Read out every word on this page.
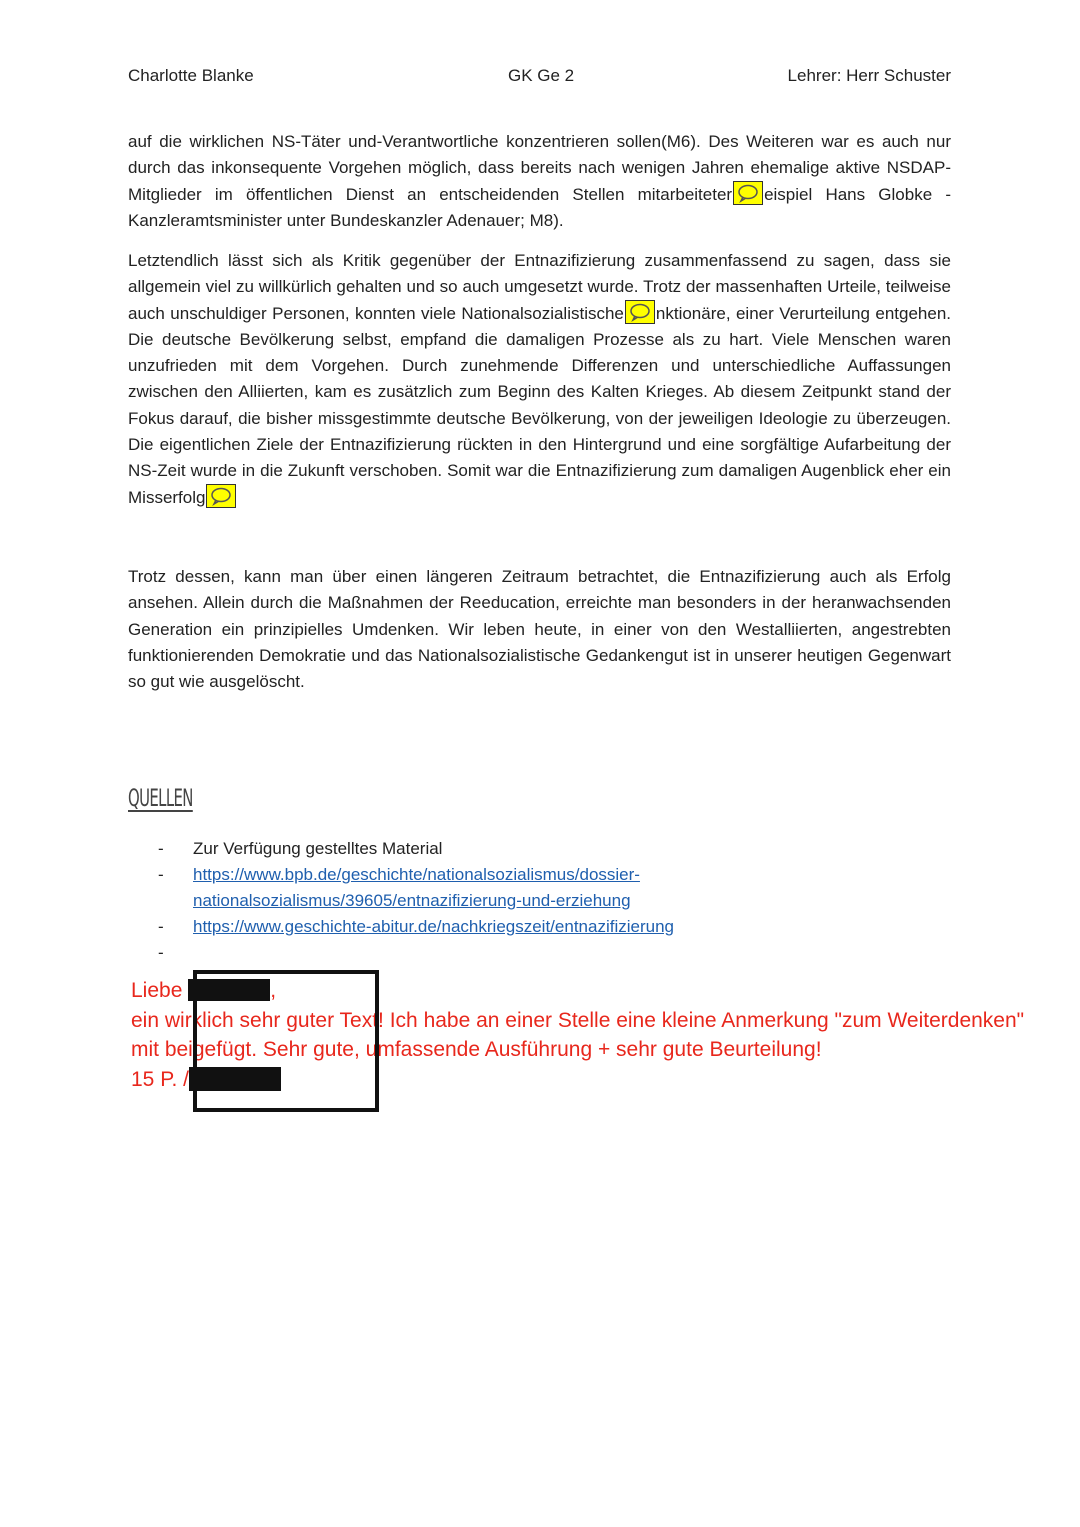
Charlotte Blanke	GK Ge 2	Lehrer: Herr Schuster
auf die wirklichen NS-Täter und-Verantwortliche konzentrieren sollen(M6). Des Weiteren war es auch nur durch das inkonsequente Vorgehen möglich, dass bereits nach wenigen Jahren ehemalige aktive NSDAP-Mitglieder im öffentlichen Dienst an entscheidenden Stellen mitarbeiteter eispiel Hans Globke - Kanzleramtsminister unter Bundeskanzler Adenauer; M8).
Letztendlich lässt sich als Kritik gegenüber der Entnazifizierung zusammenfassend zu sagen, dass sie allgemein viel zu willkürlich gehalten und so auch umgesetzt wurde. Trotz der massenhaften Urteile, teilweise auch unschuldiger Personen, konnten viele Nationalsozialistische nktionäre, einer Verurteilung entgehen. Die deutsche Bevölkerung selbst, empfand die damaligen Prozesse als zu hart. Viele Menschen waren unzufrieden mit dem Vorgehen. Durch zunehmende Differenzen und unterschiedliche Auffassungen zwischen den Alliierten, kam es zusätzlich zum Beginn des Kalten Krieges. Ab diesem Zeitpunkt stand der Fokus darauf, die bisher missgestimmte deutsche Bevölkerung, von der jeweiligen Ideologie zu überzeugen. Die eigentlichen Ziele der Entnazifizierung rückten in den Hintergrund und eine sorgfältige Aufarbeitung der NS-Zeit wurde in die Zukunft verschoben. Somit war die Entnazifizierung zum damaligen Augenblick eher ein Misserfolg
Trotz dessen, kann man über einen längeren Zeitraum betrachtet, die Entnazifizierung auch als Erfolg ansehen. Allein durch die Maßnahmen der Reeducation, erreichte man besonders in der heranwachsenden Generation ein prinzipielles Umdenken. Wir leben heute, in einer von den Westalliierten, angestrebten funktionierenden Demokratie und das Nationalsozialistische Gedankengut ist in unserer heutigen Gegenwart so gut wie ausgelöscht.
QUELLEN
- Zur Verfügung gestelltes Material
- https://www.bpb.de/geschichte/nationalsozialismus/dossier-
nationalsozialismus/39605/entnazifizierung-und-erziehung
- https://www.geschichte-abitur.de/nachkriegszeit/entnazifizierung
-
Liebe	,
ein wirklich sehr guter Text! Ich habe an einer Stelle eine kleine Anmerkung "zum Weiterdenken"
mit beigefügt. Sehr gute, umfassende Ausführung + sehr gute Beurteilung!
15 P. /
